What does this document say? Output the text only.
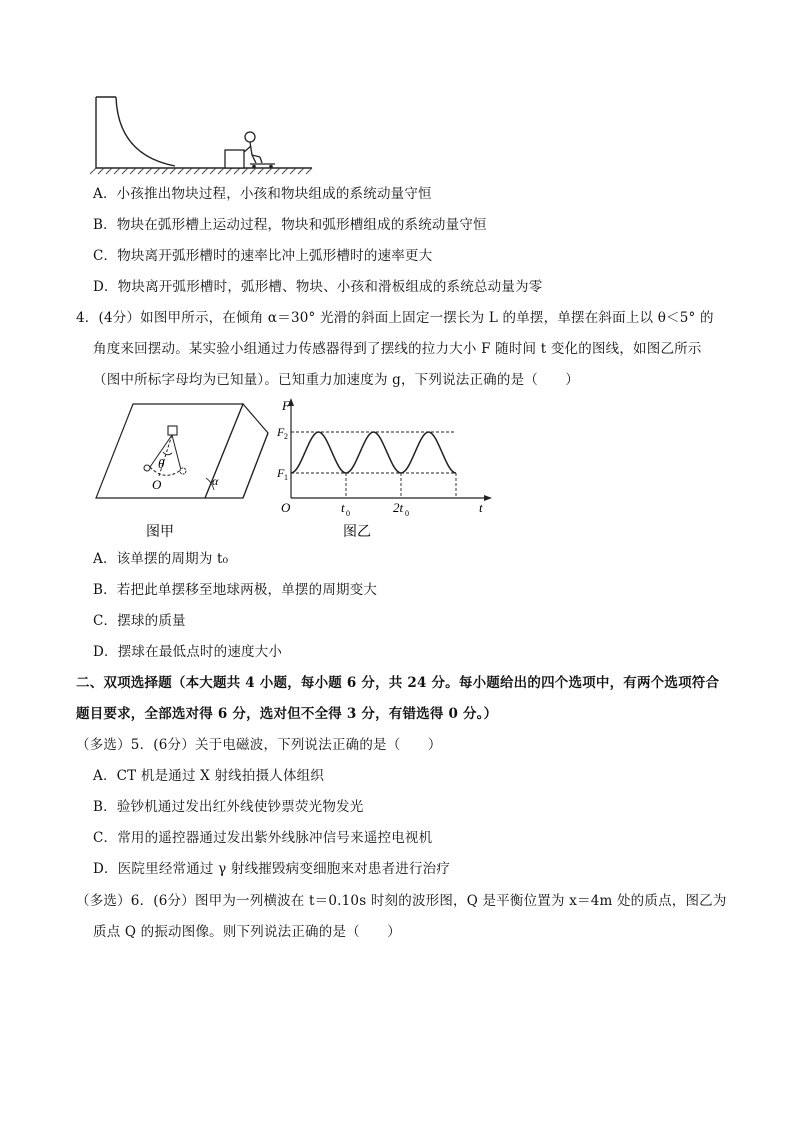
A．小孩推出物块过程，小孩和物块组成的系统动量守恒
B．物块在弧形槽上运动过程，物块和弧形槽组成的系统动量守恒
C．物块离开弧形槽时的速率比冲上弧形槽时的速率更大
D．物块离开弧形槽时，弧形槽、物块、小孩和滑板组成的系统总动量为零
4．(4分）如图甲所示，在倾角 α＝30° 光滑的斜面上固定一摆长为 L 的单摆，单摆在斜面上以 θ＜5° 的
角度来回摆动。某实验小组通过力传感器得到了摆线的拉力大小 F 随时间 t 变化的图线，如图乙所示
（图中所标字母均为已知量）。已知重力加速度为 g，下列说法正确的是（　　）
θ
O	α
图甲
F
F 2
F 1
O	t 0	2t 0	t
图乙
A．该单摆的周期为 t₀
B．若把此单摆移至地球两极，单摆的周期变大
C．摆球的质量
D．摆球在最低点时的速度大小
二、双项选择题（本大题共 4 小题，每小题 6 分，共 24 分。每小题给出的四个选项中，有两个选项符合
题目要求，全部选对得 6 分，选对但不全得 3 分，有错选得 0 分。）
（多选）5．(6分）关于电磁波，下列说法正确的是（　　）
A．CT 机是通过 X 射线拍摄人体组织
B．验钞机通过发出红外线使钞票荧光物发光
C．常用的遥控器通过发出紫外线脉冲信号来遥控电视机
D．医院里经常通过 γ 射线摧毁病变细胞来对患者进行治疗
（多选）6．(6分）图甲为一列横波在 t＝0.10s 时刻的波形图，Q 是平衡位置为 x＝4m 处的质点，图乙为
质点 Q 的振动图像。则下列说法正确的是（　　）
